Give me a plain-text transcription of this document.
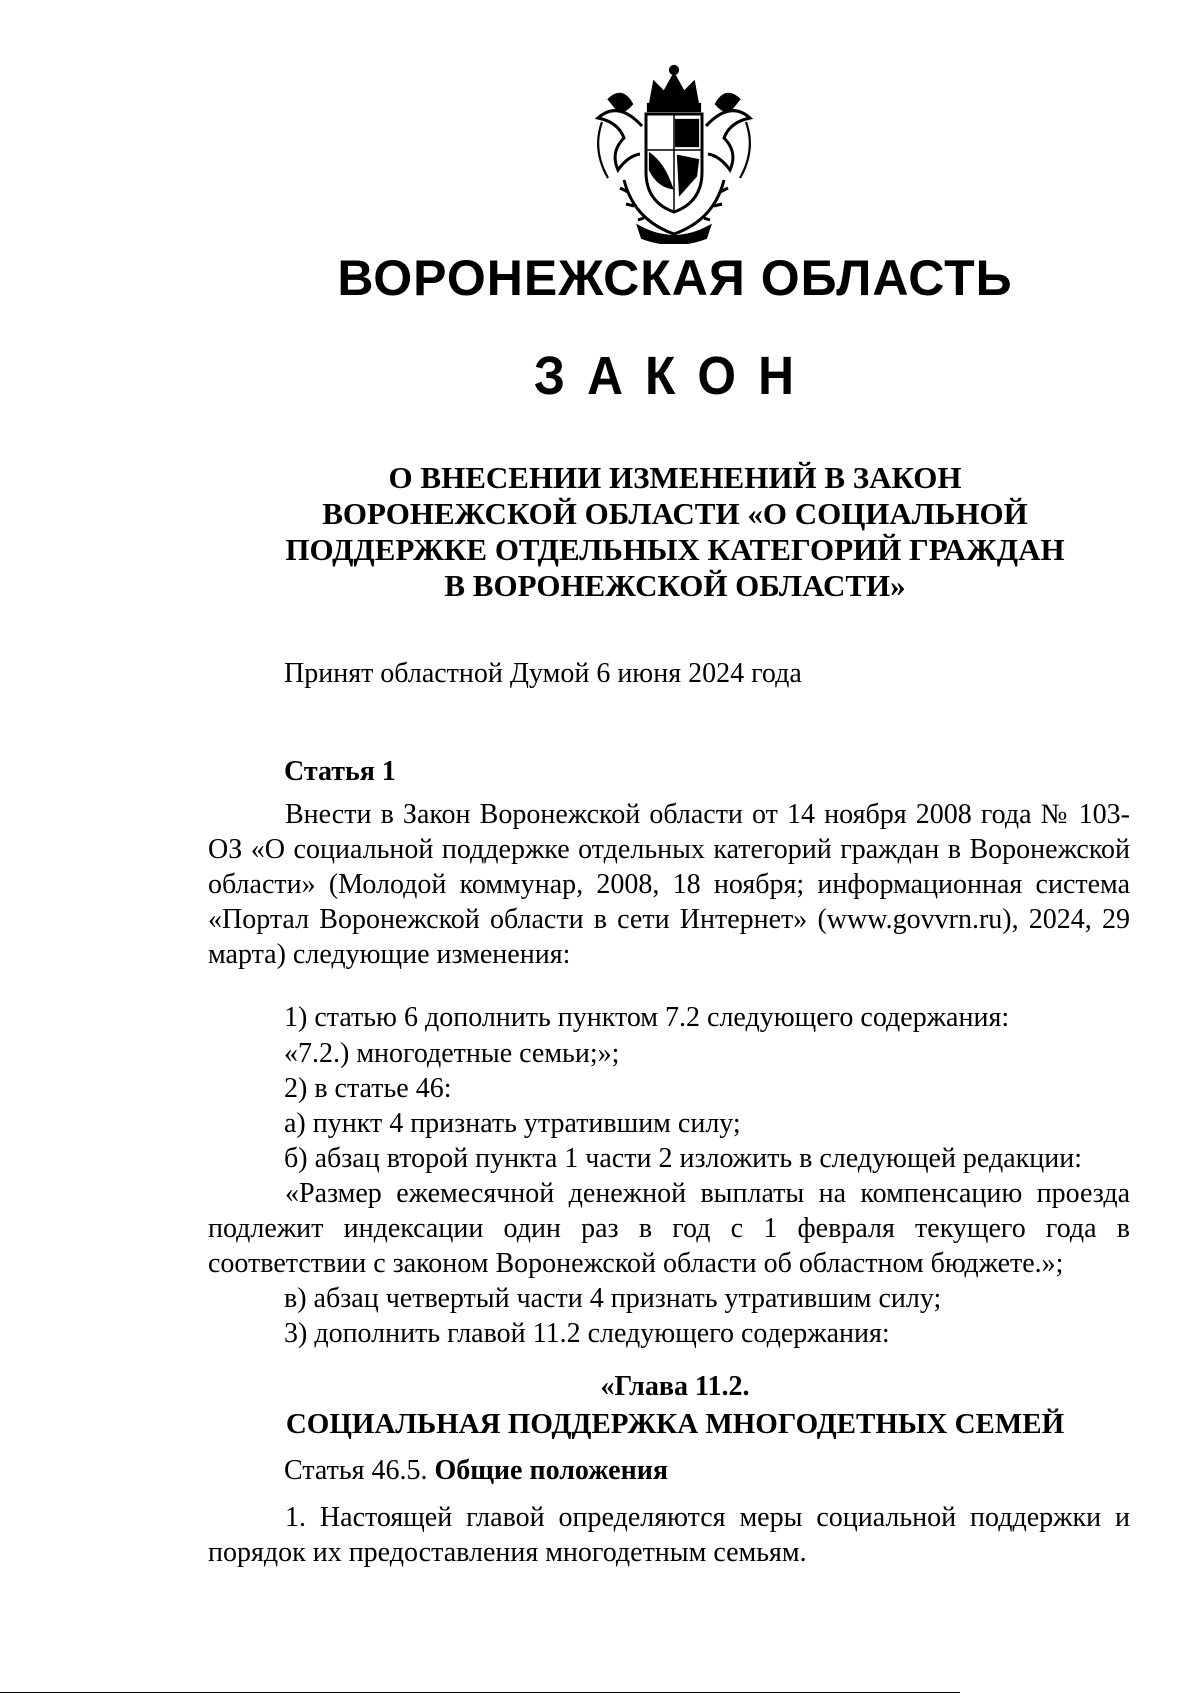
ВОРОНЕЖСКАЯ ОБЛАСТЬ
ЗАКОН

О ВНЕСЕНИИ ИЗМЕНЕНИЙ В ЗАКОН ВОРОНЕЖСКОЙ ОБЛАСТИ «О СОЦИАЛЬНОЙ ПОДДЕРЖКЕ ОТДЕЛЬНЫХ КАТЕГОРИЙ ГРАЖДАН В ВОРОНЕЖСКОЙ ОБЛАСТИ»

Принят областной Думой 6 июня 2024 года

Статья 1

Внести в Закон Воронежской области от 14 ноября 2008 года № 103-ОЗ «О социальной поддержке отдельных категорий граждан в Воронежской области» (Молодой коммунар, 2008, 18 ноября; информационная система «Портал Воронежской области в сети Интернет» (www.govvrn.ru), 2024, 29 марта) следующие изменения:

1) статью 6 дополнить пунктом 7.2 следующего содержания:

«7.2.) многодетные семьи;»;

2) в статье 46:

а) пункт 4 признать утратившим силу;

б) абзац второй пункта 1 части 2 изложить в следующей редакции:

«Размер ежемесячной денежной выплаты на компенсацию проезда подлежит индексации один раз в год с 1 февраля текущего года в соответствии с законом Воронежской области об областном бюджете.»;

в) абзац четвертый части 4 признать утратившим силу;

3) дополнить главой 11.2 следующего содержания:

«Глава 11.2.

СОЦИАЛЬНАЯ ПОДДЕРЖКА МНОГОДЕТНЫХ СЕМЕЙ

Статья 46.5. Общие положения

1. Настоящей главой определяются меры социальной поддержки и порядок их предоставления многодетным семьям.
